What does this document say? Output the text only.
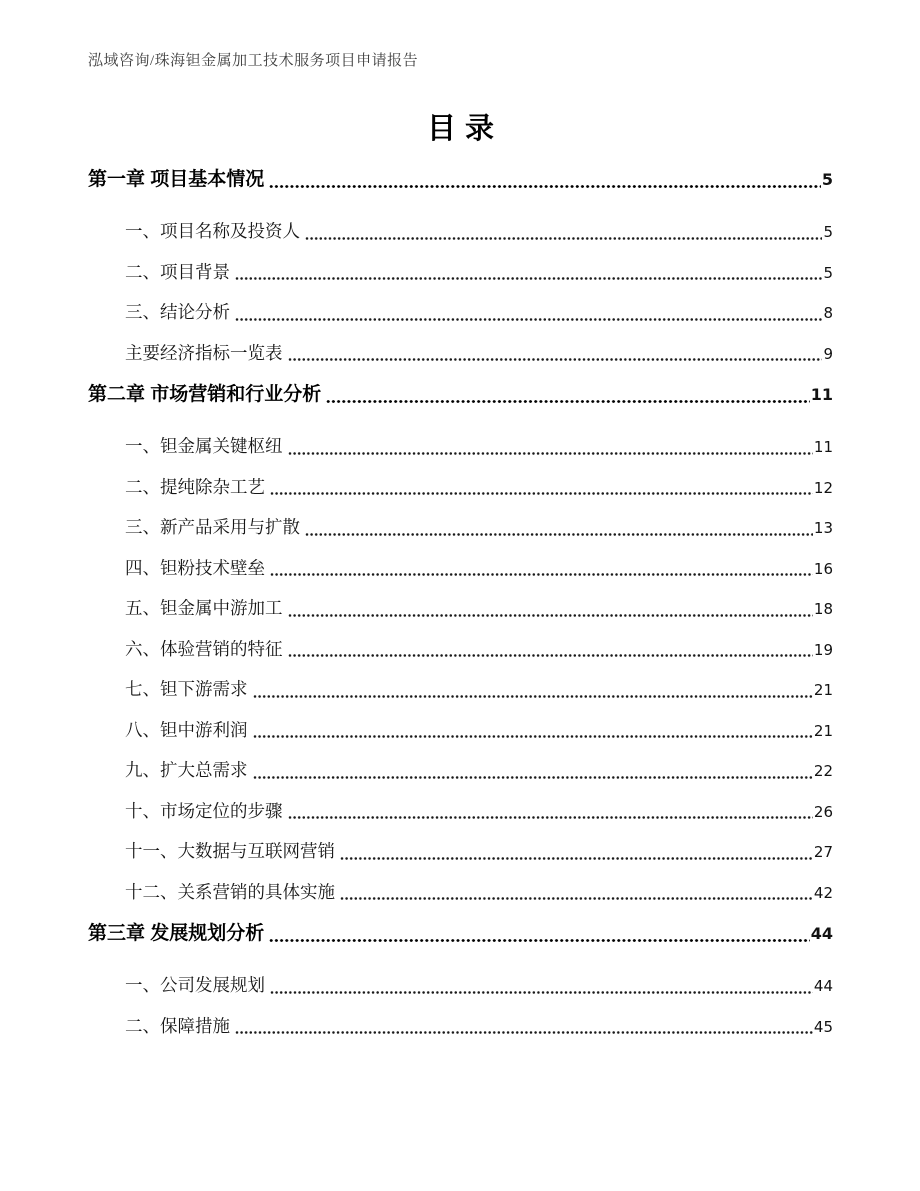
泓域咨询/珠海钽金属加工技术服务项目申请报告
目录
第一章 项目基本情况	5
一、项目名称及投资人	5
二、项目背景	5
三、结论分析	8
主要经济指标一览表	9
第二章 市场营销和行业分析	11
一、钽金属关键枢纽	11
二、提纯除杂工艺	12
三、新产品采用与扩散	13
四、钽粉技术壁垒	16
五、钽金属中游加工	18
六、体验营销的特征	19
七、钽下游需求	21
八、钽中游利润	21
九、扩大总需求	22
十、市场定位的步骤	26
十一、大数据与互联网营销	27
十二、关系营销的具体实施	42
第三章 发展规划分析	44
一、公司发展规划	44
二、保障措施	45
